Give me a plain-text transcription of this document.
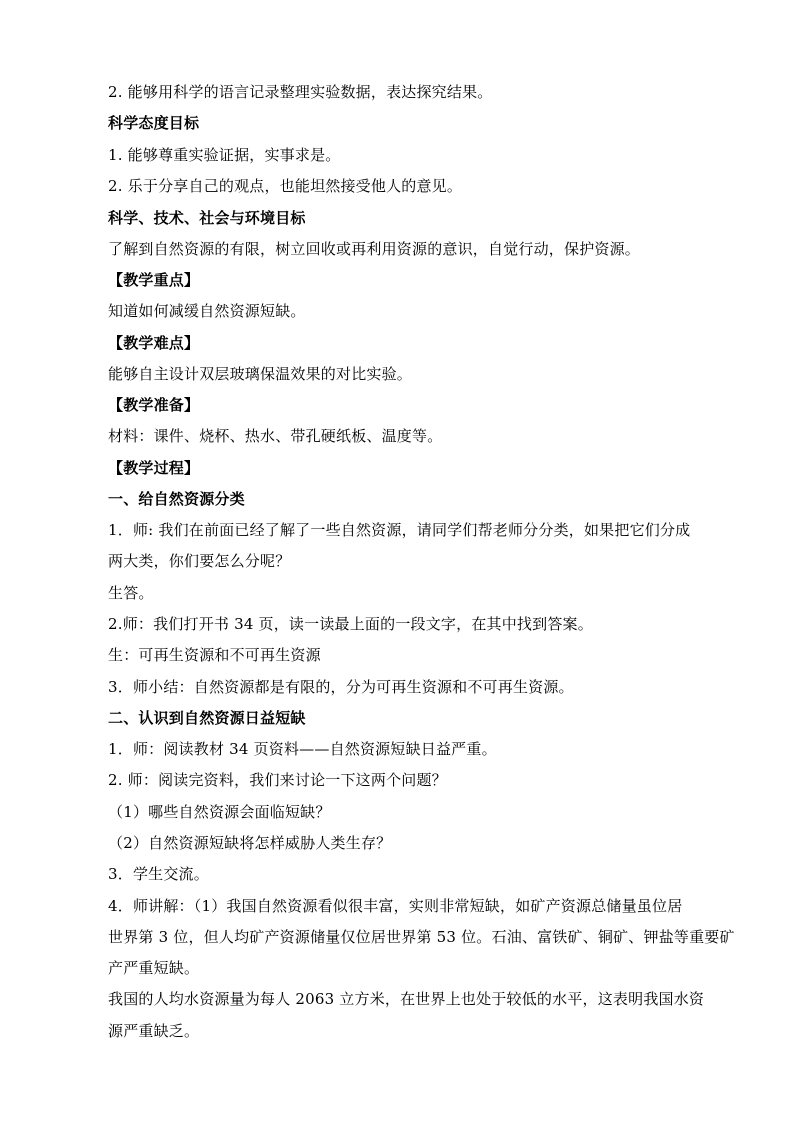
2. 能够用科学的语言记录整理实验数据，表达探究结果。
科学态度目标
1. 能够尊重实验证据，实事求是。
2. 乐于分享自己的观点，也能坦然接受他人的意见。
科学、技术、社会与环境目标
了解到自然资源的有限，树立回收或再利用资源的意识，自觉行动，保护资源。
【教学重点】
知道如何减缓自然资源短缺。
【教学难点】
能够自主设计双层玻璃保温效果的对比实验。
【教学准备】
材料：课件、烧杯、热水、带孔硬纸板、温度等。
【教学过程】
一、给自然资源分类
1．师: 我们在前面已经了解了一些自然资源，请同学们帮老师分分类，如果把它们分成
两大类，你们要怎么分呢？
生答。
2.师：我们打开书 34 页，读一读最上面的一段文字，在其中找到答案。
生：可再生资源和不可再生资源
3．师小结：自然资源都是有限的，分为可再生资源和不可再生资源。
二、认识到自然资源日益短缺
1．师：阅读教材 34 页资料——自然资源短缺日益严重。
2. 师：阅读完资料，我们来讨论一下这两个问题？
（1）哪些自然资源会面临短缺？
（2）自然资源短缺将怎样威胁人类生存？
3．学生交流。
4．师讲解：（1）我国自然资源看似很丰富，实则非常短缺，如矿产资源总储量虽位居
世界第 3 位，但人均矿产资源储量仅位居世界第 53 位。石油、富铁矿、铜矿、钾盐等重要矿
产严重短缺。
我国的人均水资源量为每人 2063 立方米，在世界上也处于较低的水平，这表明我国水资
源严重缺乏。
